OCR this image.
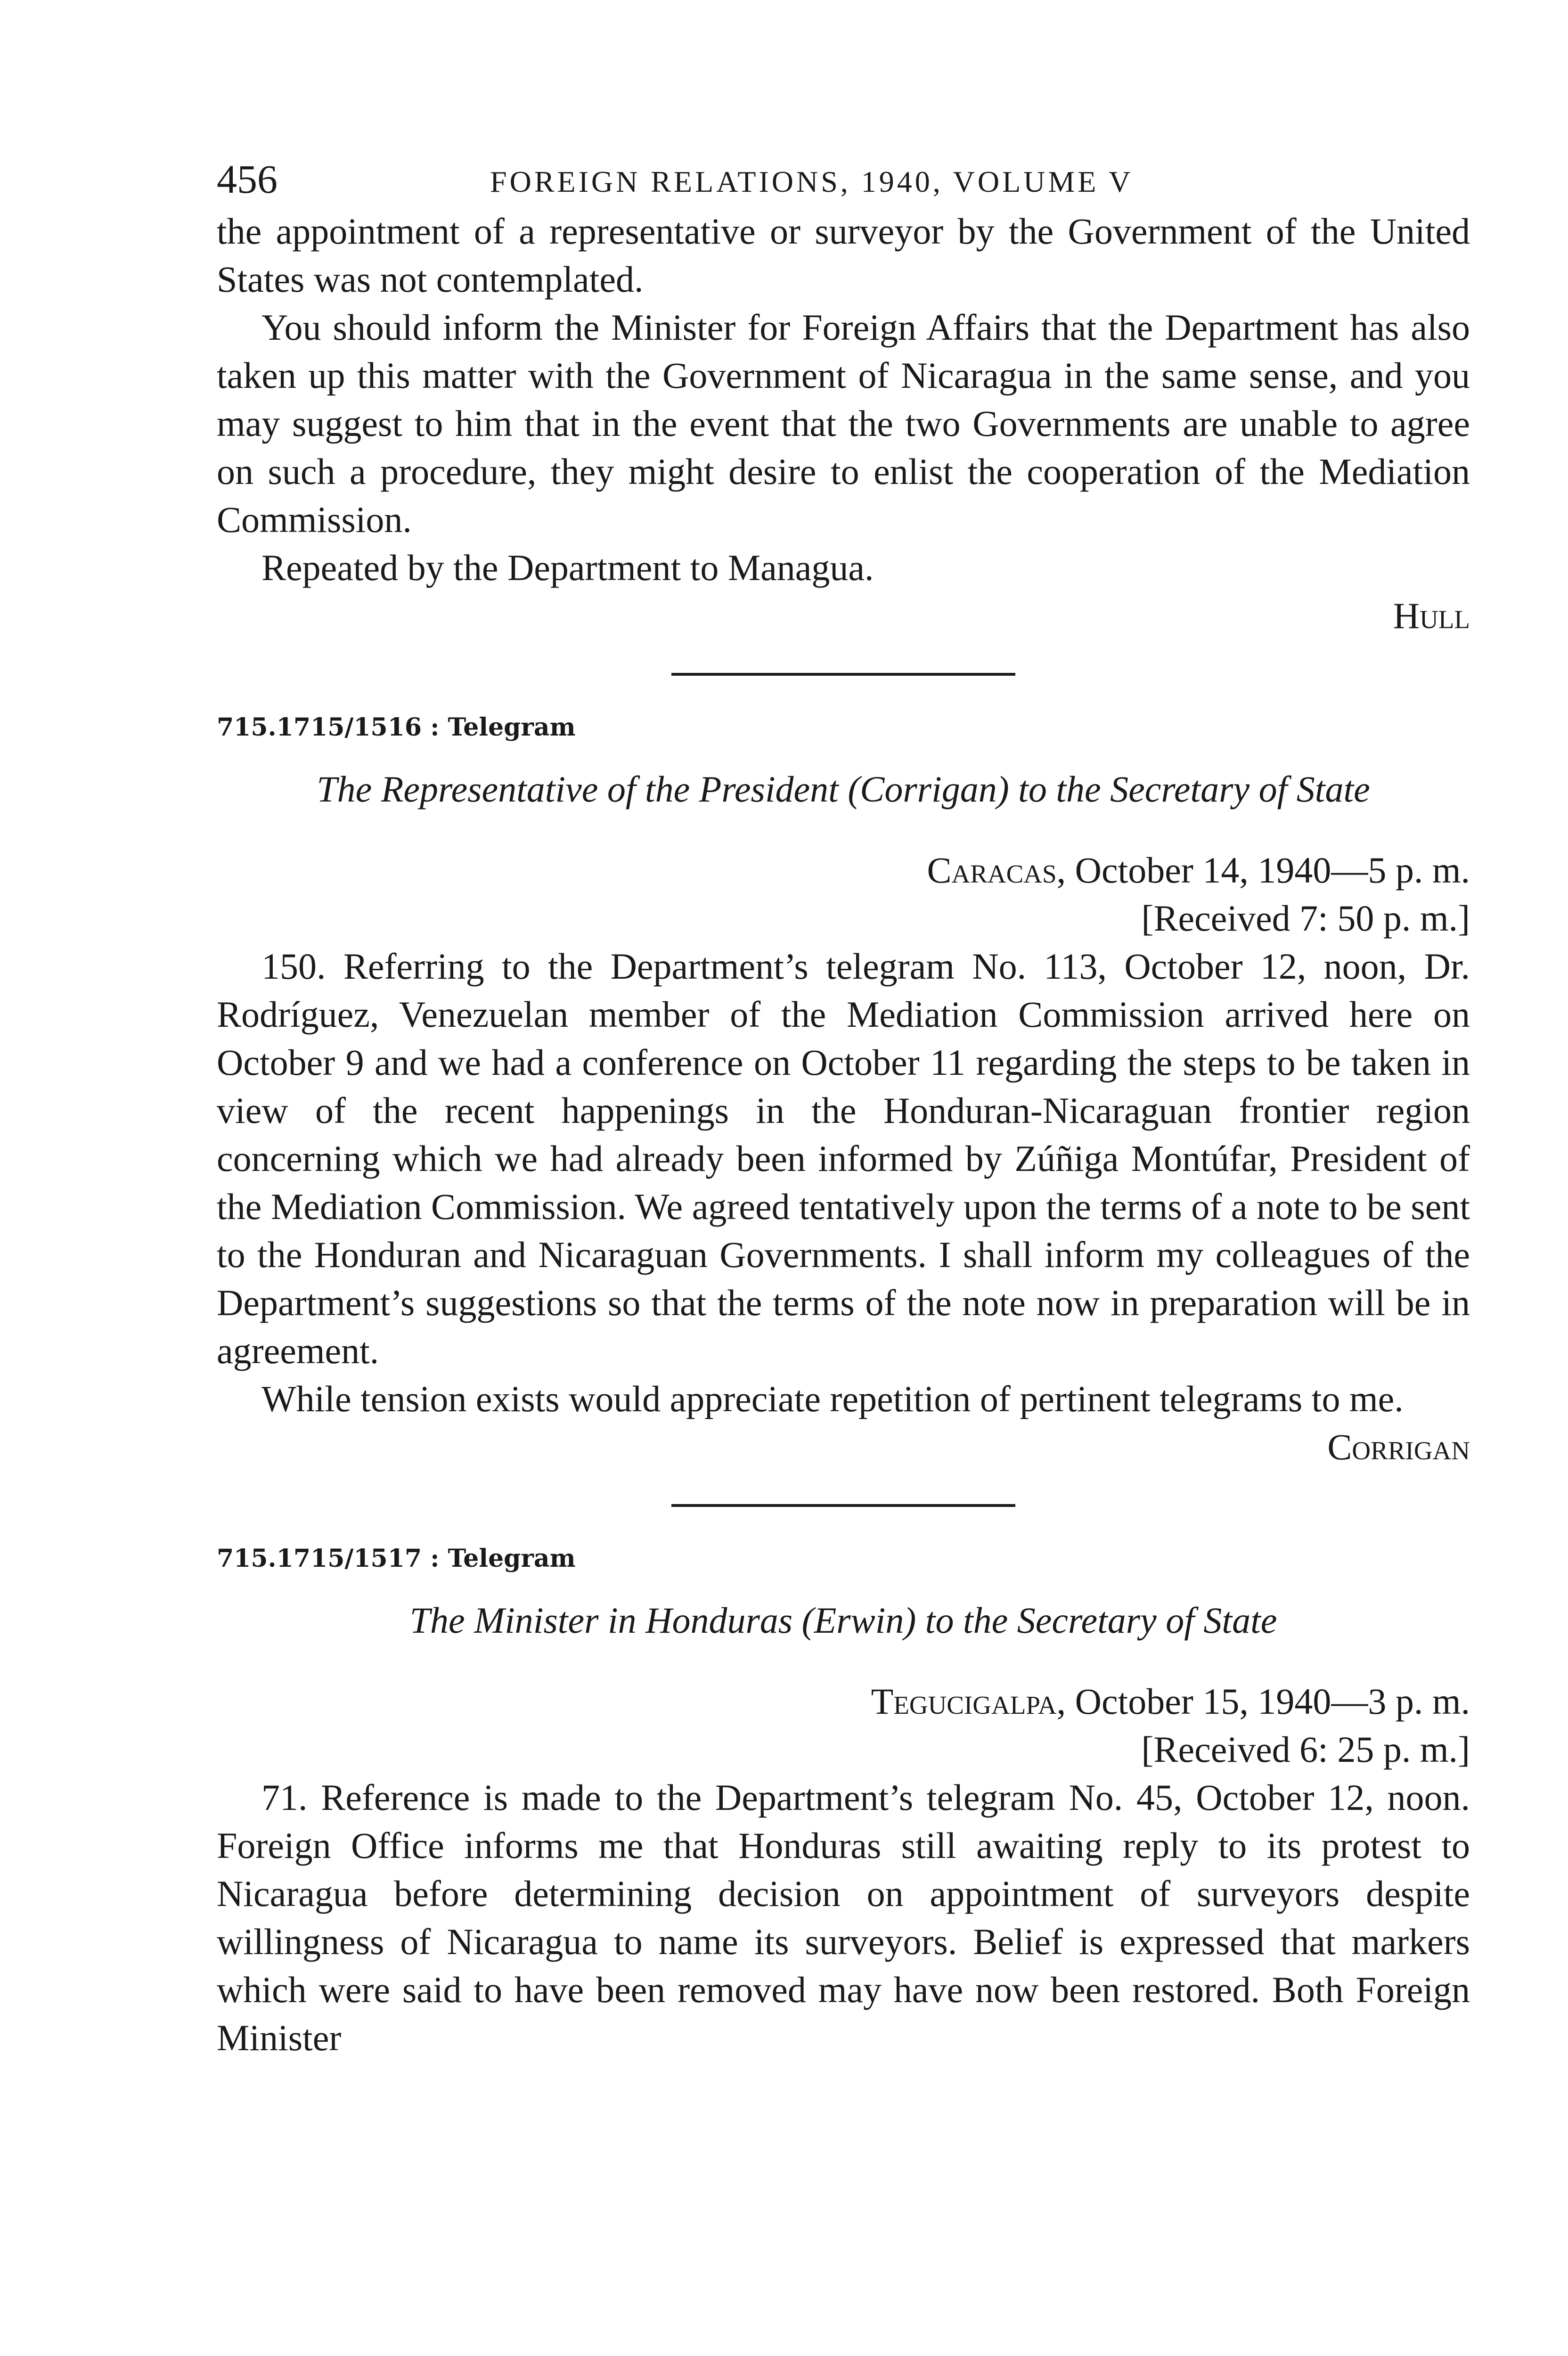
456	FOREIGN RELATIONS, 1940, VOLUME V

the appointment of a representative or surveyor by the Government of the United States was not contemplated.

You should inform the Minister for Foreign Affairs that the Department has also taken up this matter with the Government of Nicaragua in the same sense, and you may suggest to him that in the event that the two Governments are unable to agree on such a procedure, they might desire to enlist the cooperation of the Mediation Commission.

Repeated by the Department to Managua.

Hull

715.1715/1516 : Telegram

The Representative of the President (Corrigan) to the Secretary of State

Caracas, October 14, 1940—5 p. m.

[Received 7: 50 p. m.]

150. Referring to the Department’s telegram No. 113, October 12, noon, Dr. Rodríguez, Venezuelan member of the Mediation Commission arrived here on October 9 and we had a conference on October 11 regarding the steps to be taken in view of the recent happenings in the Honduran-Nicaraguan frontier region concerning which we had already been informed by Zúñiga Montúfar, President of the Mediation Commission. We agreed tentatively upon the terms of a note to be sent to the Honduran and Nicaraguan Governments. I shall inform my colleagues of the Department’s suggestions so that the terms of the note now in preparation will be in agreement.

While tension exists would appreciate repetition of pertinent telegrams to me.

Corrigan

715.1715/1517 : Telegram

The Minister in Honduras (Erwin) to the Secretary of State

Tegucigalpa, October 15, 1940—3 p. m.

[Received 6: 25 p. m.]

71. Reference is made to the Department’s telegram No. 45, October 12, noon. Foreign Office informs me that Honduras still awaiting reply to its protest to Nicaragua before determining decision on appointment of surveyors despite willingness of Nicaragua to name its surveyors. Belief is expressed that markers which were said to have been removed may have now been restored. Both Foreign Minister
